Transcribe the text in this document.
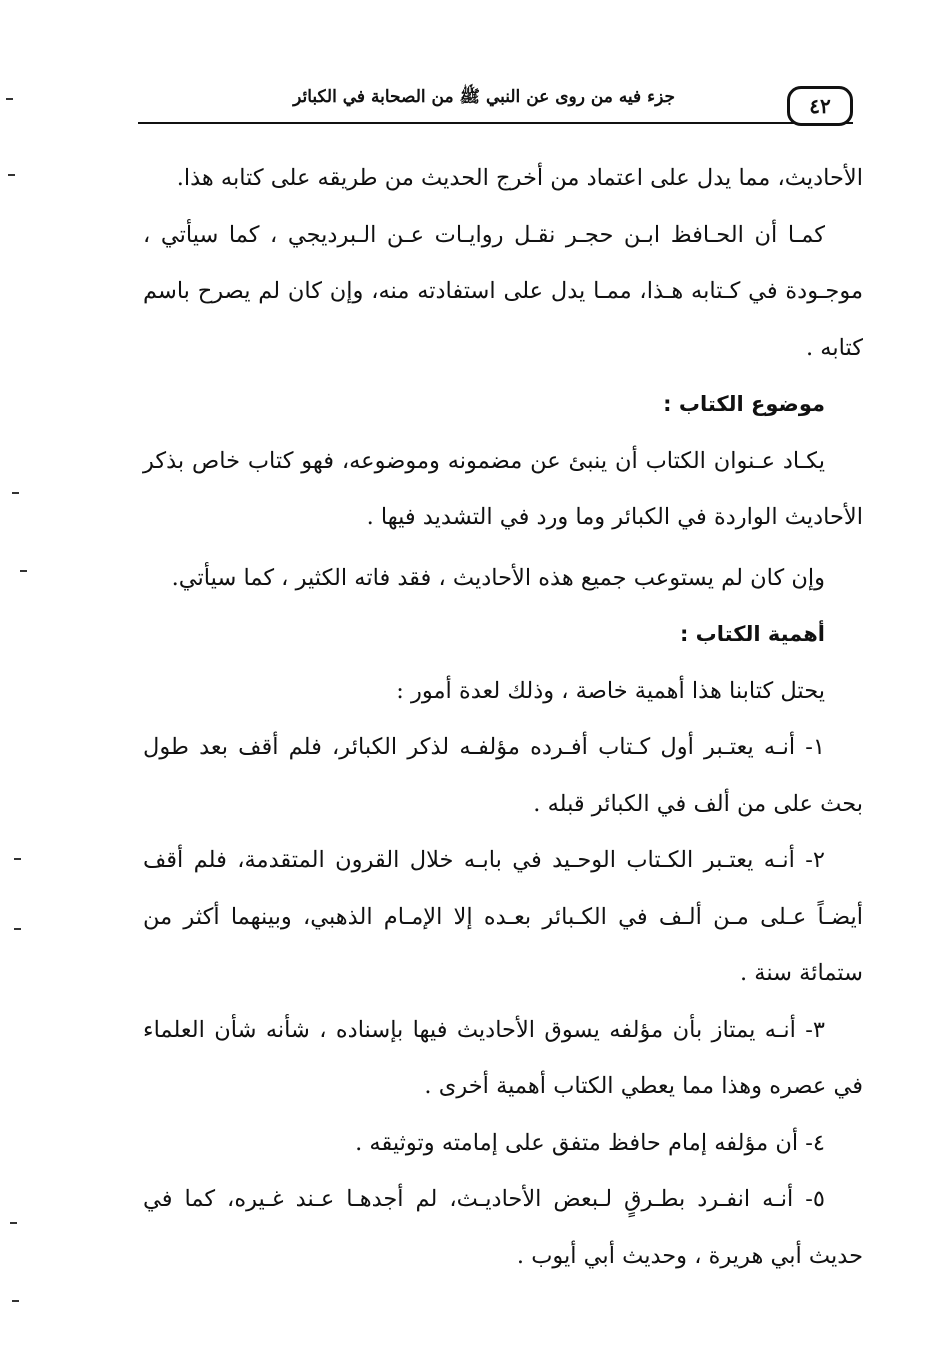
جزء فيه من روى عن النبي ﷺ من الصحابة في الكبائر	٤٢

الأحاديث، مما يدل على اعتماد من أخرج الحديث من طريقه على كتابه هذا.

كمـا أن الحـافظ ابـن حجـر نقـل روايـات عـن الـبرديجي ، كما سيأتي ، موجـودة في كـتابه هـذا، ممـا يدل على استفادته منه، وإن كان لم يصرح باسم كتابه .

موضوع الكتاب :

يكـاد عـنوان الكتاب أن ينبئ عن مضمونه وموضوعه، فهو كتاب خاص بذكر الأحاديث الواردة في الكبائر وما ورد في التشديد فيها .

وإن كان لم يستوعب جميع هذه الأحاديث ، فقد فاته الكثير ، كما سيأتي.

أهمية الكتاب :

يحتل كتابنا هذا أهمية خاصة ، وذلك لعدة أمور :

١- أنـه يعتـبر أول كـتاب أفـرده مؤلفـه لذكر الكبائر، فلم أقف بعد طول بحث على من ألف في الكبائر قبله .

٢- أنـه يعتـبر الكـتاب الوحـيد في بابـه خلال القرون المتقدمة، فلم أقف أيضـاً عـلى مـن ألـف في الكـبائر بعـده إلا الإمـام الذهبي، وبينهما أكثر من ستمائة سنة .

٣- أنـه يمتاز بأن مؤلفه يسوق الأحاديث فيها بإسناده ، شأنه شأن العلماء في عصره وهذا مما يعطي الكتاب أهمية أخرى .

٤- أن مؤلفه إمام حافظ متفق على إمامته وتوثيقه .

٥- أنـه انفـرد بطـرقٍ لـبعض الأحاديـث، لم أجدهـا عـند غـيره، كما في حديث أبي هريرة ، وحديث أبي أيوب .
